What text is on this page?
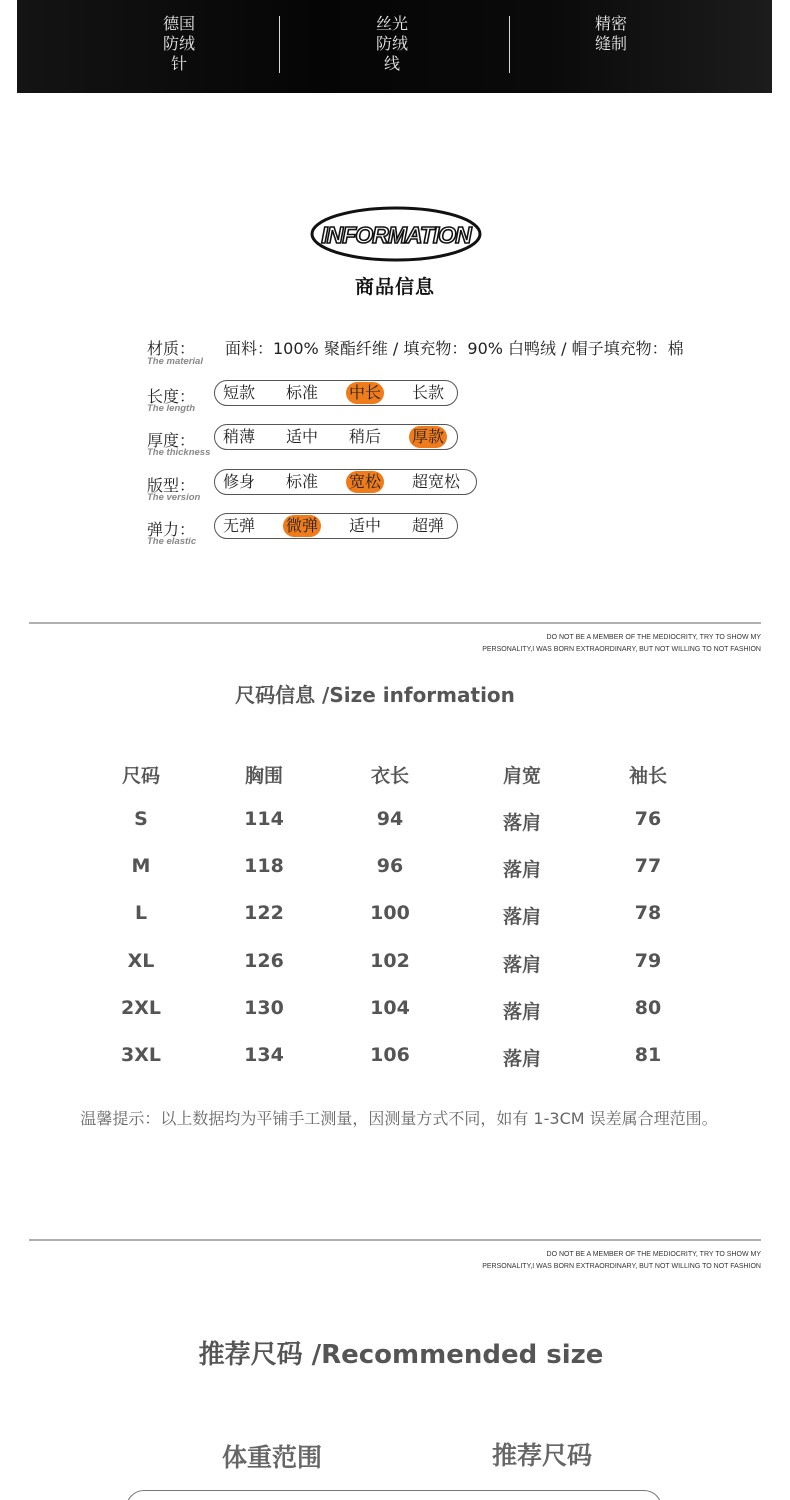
德国
防绒
针
丝光
防绒
线
精密
缝制
INFORMATION
商品信息
材质：
The material
面料：100% 聚酯纤维 / 填充物：90% 白鸭绒 / 帽子填充物：棉
长度：
The length
短款 标准 中长 长款
厚度：
The thickness
稍薄 适中 稍后 厚款
版型：
The version
修身 标准 宽松 超宽松
弹力：
The elastic
无弹 微弹 适中 超弹
DO NOT BE A MEMBER OF THE MEDIOCRITY, TRY TO SHOW MY
PERSONALITY,I WAS BORN EXTRAORDINARY, BUT NOT WILLING TO NOT FASHION
尺码信息 /Size information
尺码	胸围	衣长	肩宽	袖长
S	114	94	落肩	76
M	118	96	落肩	77
L	122	100	落肩	78
XL	126	102	落肩	79
2XL	130	104	落肩	80
3XL	134	106	落肩	81
温馨提示：以上数据均为平铺手工测量，因测量方式不同，如有 1-3CM 误差属合理范围。
DO NOT BE A MEMBER OF THE MEDIOCRITY, TRY TO SHOW MY
PERSONALITY,I WAS BORN EXTRAORDINARY, BUT NOT WILLING TO NOT FASHION
推荐尺码 /Recommended size
体重范围	推荐尺码
